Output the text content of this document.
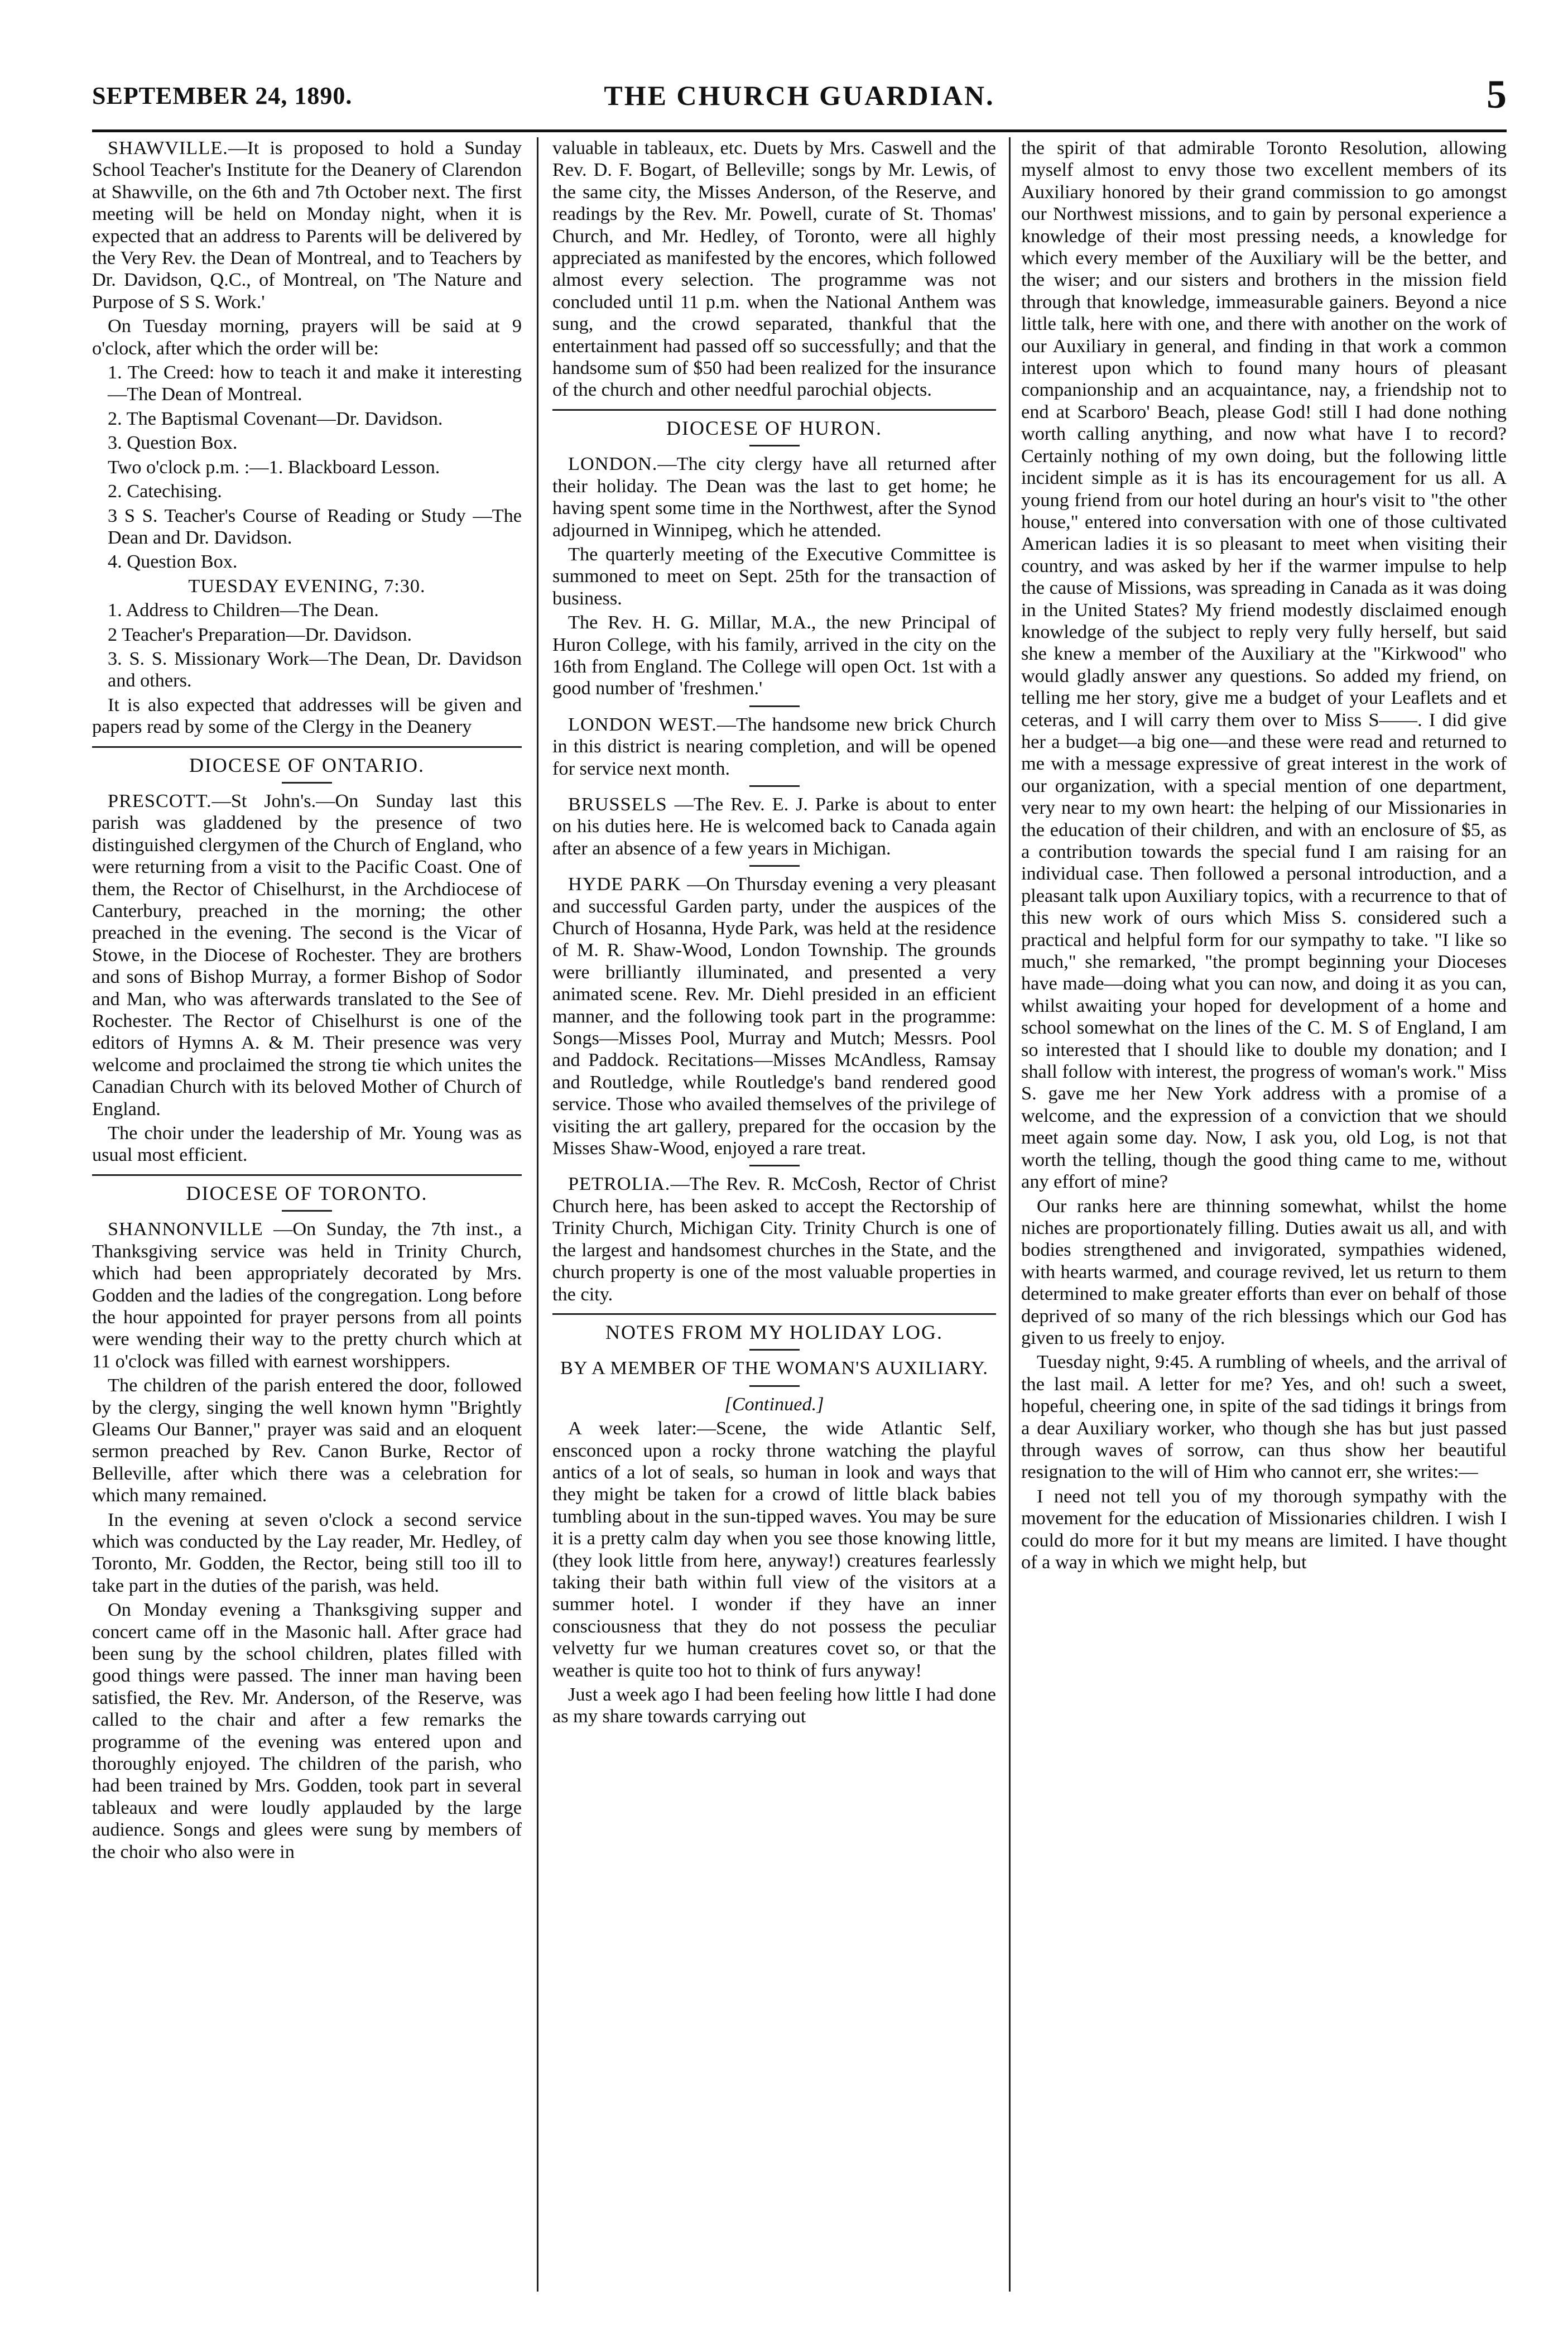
SEPTEMBER 24, 1890.	THE CHURCH GUARDIAN.	5

SHAWVILLE.—It is proposed to hold a Sunday School Teacher's Institute for the Deanery of Clarendon at Shawville, on the 6th and 7th October next. The first meeting will be held on Monday night, when it is expected that an address to Parents will be delivered by the Very Rev. the Dean of Montreal, and to Teachers by Dr. Davidson, Q.C., of Montreal, on 'The Nature and Purpose of S S. Work.'

On Tuesday morning, prayers will be said at 9 o'clock, after which the order will be:

1. The Creed: how to teach it and make it interesting—The Dean of Montreal.

2. The Baptismal Covenant—Dr. Davidson.

3. Question Box.

Two o'clock p.m. :—1. Blackboard Lesson.

2. Catechising.

3 S S. Teacher's Course of Reading or Study —The Dean and Dr. Davidson.

4. Question Box.

TUESDAY EVENING, 7:30.

1. Address to Children—The Dean.

2 Teacher's Preparation—Dr. Davidson.

3. S. S. Missionary Work—The Dean, Dr. Davidson and others.

It is also expected that addresses will be given and papers read by some of the Clergy in the Deanery

DIOCESE OF ONTARIO.

PRESCOTT.—St John's.—On Sunday last this parish was gladdened by the presence of two distinguished clergymen of the Church of England, who were returning from a visit to the Pacific Coast. One of them, the Rector of Chiselhurst, in the Archdiocese of Canterbury, preached in the morning; the other preached in the evening. The second is the Vicar of Stowe, in the Diocese of Rochester. They are brothers and sons of Bishop Murray, a former Bishop of Sodor and Man, who was afterwards translated to the See of Rochester. The Rector of Chiselhurst is one of the editors of Hymns A. & M. Their presence was very welcome and proclaimed the strong tie which unites the Canadian Church with its beloved Mother of Church of England.

The choir under the leadership of Mr. Young was as usual most efficient.

DIOCESE OF TORONTO.

SHANNONVILLE —On Sunday, the 7th inst., a Thanksgiving service was held in Trinity Church, which had been appropriately decorated by Mrs. Godden and the ladies of the congregation. Long before the hour appointed for prayer persons from all points were wending their way to the pretty church which at 11 o'clock was filled with earnest worshippers.

The children of the parish entered the door, followed by the clergy, singing the well known hymn "Brightly Gleams Our Banner," prayer was said and an eloquent sermon preached by Rev. Canon Burke, Rector of Belleville, after which there was a celebration for which many remained.

In the evening at seven o'clock a second service which was conducted by the Lay reader, Mr. Hedley, of Toronto, Mr. Godden, the Rector, being still too ill to take part in the duties of the parish, was held.

On Monday evening a Thanksgiving supper and concert came off in the Masonic hall. After grace had been sung by the school children, plates filled with good things were passed. The inner man having been satisfied, the Rev. Mr. Anderson, of the Reserve, was called to the chair and after a few remarks the programme of the evening was entered upon and thoroughly enjoyed. The children of the parish, who had been trained by Mrs. Godden, took part in several tableaux and were loudly applauded by the large audience. Songs and glees were sung by members of the choir who also were in

valuable in tableaux, etc. Duets by Mrs. Caswell and the Rev. D. F. Bogart, of Belleville; songs by Mr. Lewis, of the same city, the Misses Anderson, of the Reserve, and readings by the Rev. Mr. Powell, curate of St. Thomas' Church, and Mr. Hedley, of Toronto, were all highly appreciated as manifested by the encores, which followed almost every selection. The programme was not concluded until 11 p.m. when the National Anthem was sung, and the crowd separated, thankful that the entertainment had passed off so successfully; and that the handsome sum of $50 had been realized for the insurance of the church and other needful parochial objects.

DIOCESE OF HURON.

LONDON.—The city clergy have all returned after their holiday. The Dean was the last to get home; he having spent some time in the Northwest, after the Synod adjourned in Winnipeg, which he attended.

The quarterly meeting of the Executive Committee is summoned to meet on Sept. 25th for the transaction of business.

The Rev. H. G. Millar, M.A., the new Principal of Huron College, with his family, arrived in the city on the 16th from England. The College will open Oct. 1st with a good number of 'freshmen.'

LONDON WEST.—The handsome new brick Church in this district is nearing completion, and will be opened for service next month.

BRUSSELS —The Rev. E. J. Parke is about to enter on his duties here. He is welcomed back to Canada again after an absence of a few years in Michigan.

HYDE PARK —On Thursday evening a very pleasant and successful Garden party, under the auspices of the Church of Hosanna, Hyde Park, was held at the residence of M. R. Shaw-Wood, London Township. The grounds were brilliantly illuminated, and presented a very animated scene. Rev. Mr. Diehl presided in an efficient manner, and the following took part in the programme: Songs—Misses Pool, Murray and Mutch; Messrs. Pool and Paddock. Recitations—Misses McAndless, Ramsay and Routledge, while Routledge's band rendered good service. Those who availed themselves of the privilege of visiting the art gallery, prepared for the occasion by the Misses Shaw-Wood, enjoyed a rare treat.

PETROLIA.—The Rev. R. McCosh, Rector of Christ Church here, has been asked to accept the Rectorship of Trinity Church, Michigan City. Trinity Church is one of the largest and handsomest churches in the State, and the church property is one of the most valuable properties in the city.

NOTES FROM MY HOLIDAY LOG.

BY A MEMBER OF THE WOMAN'S AUXILIARY.

[Continued.]

A week later:—Scene, the wide Atlantic Self, ensconced upon a rocky throne watching the playful antics of a lot of seals, so human in look and ways that they might be taken for a crowd of little black babies tumbling about in the sun-tipped waves. You may be sure it is a pretty calm day when you see those knowing little, (they look little from here, anyway!) creatures fearlessly taking their bath within full view of the visitors at a summer hotel. I wonder if they have an inner consciousness that they do not possess the peculiar velvetty fur we human creatures covet so, or that the weather is quite too hot to think of furs anyway!

Just a week ago I had been feeling how little I had done as my share towards carrying out

the spirit of that admirable Toronto Resolution, allowing myself almost to envy those two excellent members of its Auxiliary honored by their grand commission to go amongst our Northwest missions, and to gain by personal experience a knowledge of their most pressing needs, a knowledge for which every member of the Auxiliary will be the better, and the wiser; and our sisters and brothers in the mission field through that knowledge, immeasurable gainers. Beyond a nice little talk, here with one, and there with another on the work of our Auxiliary in general, and finding in that work a common interest upon which to found many hours of pleasant companionship and an acquaintance, nay, a friendship not to end at Scarboro' Beach, please God! still I had done nothing worth calling anything, and now what have I to record? Certainly nothing of my own doing, but the following little incident simple as it is has its encouragement for us all. A young friend from our hotel during an hour's visit to "the other house," entered into conversation with one of those cultivated American ladies it is so pleasant to meet when visiting their country, and was asked by her if the warmer impulse to help the cause of Missions, was spreading in Canada as it was doing in the United States? My friend modestly disclaimed enough knowledge of the subject to reply very fully herself, but said she knew a member of the Auxiliary at the "Kirkwood" who would gladly answer any questions. So added my friend, on telling me her story, give me a budget of your Leaflets and et ceteras, and I will carry them over to Miss S——. I did give her a budget—a big one—and these were read and returned to me with a message expressive of great interest in the work of our organization, with a special mention of one department, very near to my own heart: the helping of our Missionaries in the education of their children, and with an enclosure of $5, as a contribution towards the special fund I am raising for an individual case. Then followed a personal introduction, and a pleasant talk upon Auxiliary topics, with a recurrence to that of this new work of ours which Miss S. considered such a practical and helpful form for our sympathy to take. "I like so much," she remarked, "the prompt beginning your Dioceses have made—doing what you can now, and doing it as you can, whilst awaiting your hoped for development of a home and school somewhat on the lines of the C. M. S of England, I am so interested that I should like to double my donation; and I shall follow with interest, the progress of woman's work." Miss S. gave me her New York address with a promise of a welcome, and the expression of a conviction that we should meet again some day. Now, I ask you, old Log, is not that worth the telling, though the good thing came to me, without any effort of mine?

Our ranks here are thinning somewhat, whilst the home niches are proportionately filling. Duties await us all, and with bodies strengthened and invigorated, sympathies widened, with hearts warmed, and courage revived, let us return to them determined to make greater efforts than ever on behalf of those deprived of so many of the rich blessings which our God has given to us freely to enjoy.

Tuesday night, 9:45. A rumbling of wheels, and the arrival of the last mail. A letter for me? Yes, and oh! such a sweet, hopeful, cheering one, in spite of the sad tidings it brings from a dear Auxiliary worker, who though she has but just passed through waves of sorrow, can thus show her beautiful resignation to the will of Him who cannot err, she writes:—

I need not tell you of my thorough sympathy with the movement for the education of Missionaries children. I wish I could do more for it but my means are limited. I have thought of a way in which we might help, but
